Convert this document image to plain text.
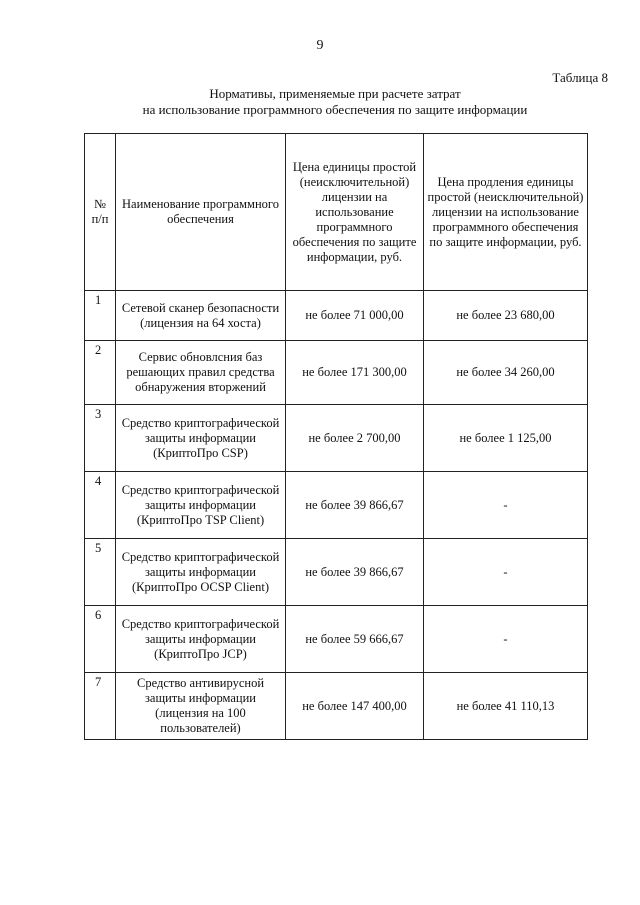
9
Таблица 8
Нормативы, применяемые при расчете затрат
на использование программного обеспечения по защите информации
№ п/п	Наименование программного обеспечения	Цена единицы простой (неисключительной) лицензии на использование программного обеспечения по защите информации, руб.	Цена продления единицы простой (неисключительной) лицензии на использование программного обеспечения по защите информации, руб.
1	Сетевой сканер безопасности (лицензия на 64 хоста)	не более 71 000,00	не более 23 680,00
2	Сервис обновлсния баз решающих правил средства обнаружения вторжений	не более 171 300,00	не более 34 260,00
3	Средство криптографической защиты информации (КриптоПро CSP)	не более 2 700,00	не более 1 125,00
4	Средство криптографической защиты информации (КриптоПро TSP Client)	не более 39 866,67	-
5	Средство криптографической защиты информации (КриптоПро OCSP Client)	не более 39 866,67	-
6	Средство криптографической защиты информации (КриптоПро JCP)	не более 59 666,67	-
7	Средство антивирусной защиты информации (лицензия на 100 пользователей)	не более 147 400,00	не более 41 110,13
